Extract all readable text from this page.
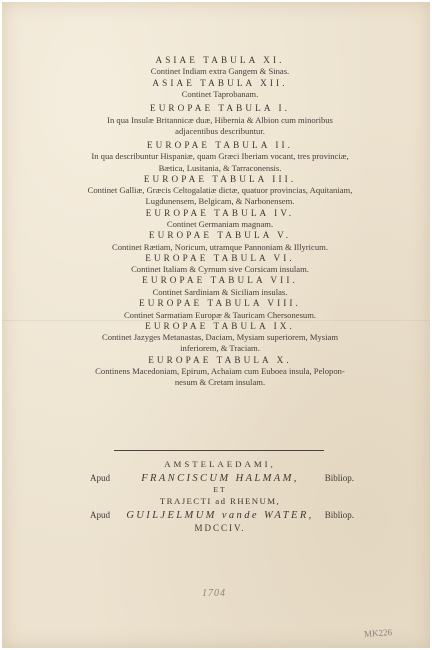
ASIAE TABULA XI.
Continet Indiam extra Gangem & Sinas.
ASIAE TABULA XII.
Continet Taprobanam.
EUROPAE TABULA I.
In qua Insulæ Britannicæ duæ, Hibernia & Albion cum minoribus
adjacentibus describuntur.
EUROPAE TABULA II.
In qua describuntur Hispaniæ, quam Græci Iberiam vocant, tres provinciæ,
Bætica, Lusitania, & Tarraconensis.
EUROPAE TABULA III.
Continet Galliæ, Græcis Celtogalatiæ dictæ, quatuor provincias, Aquitaniam,
Lugdunensem, Belgicam, & Narbonensem.
EUROPAE TABULA IV.
Continet Germaniam magnam.
EUROPAE TABULA V.
Continet Rætiam, Noricum, utramque Pannoniam & Illyricum.
EUROPAE TABULA VI.
Continet Italiam & Cyrnum sive Corsicam insulam.
EUROPAE TABULA VII.
Continet Sardiniam & Siciliam insulas.
EUROPAE TABULA VIII.
Continet Sarmatiam Europæ & Tauricam Chersonesum.
EUROPAE TABULA IX.
Continet Jazyges Metanastas, Daciam, Mysiam superiorem, Mysiam
inferiorem, & Traciam.
EUROPAE TABULA X.
Continens Macedoniam, Epirum, Achaiam cum Euboea insula, Pelopon-
nesum & Cretam insulam.
AMSTELAEDAMI,
Apud	FRANCISCUM HALMAM,	Bibliop.
ET
TRAJECTI ad RHENUM,
Apud GUILJELMUM vande WATER, Bibliop.
MDCCIV.
1704
MK226
